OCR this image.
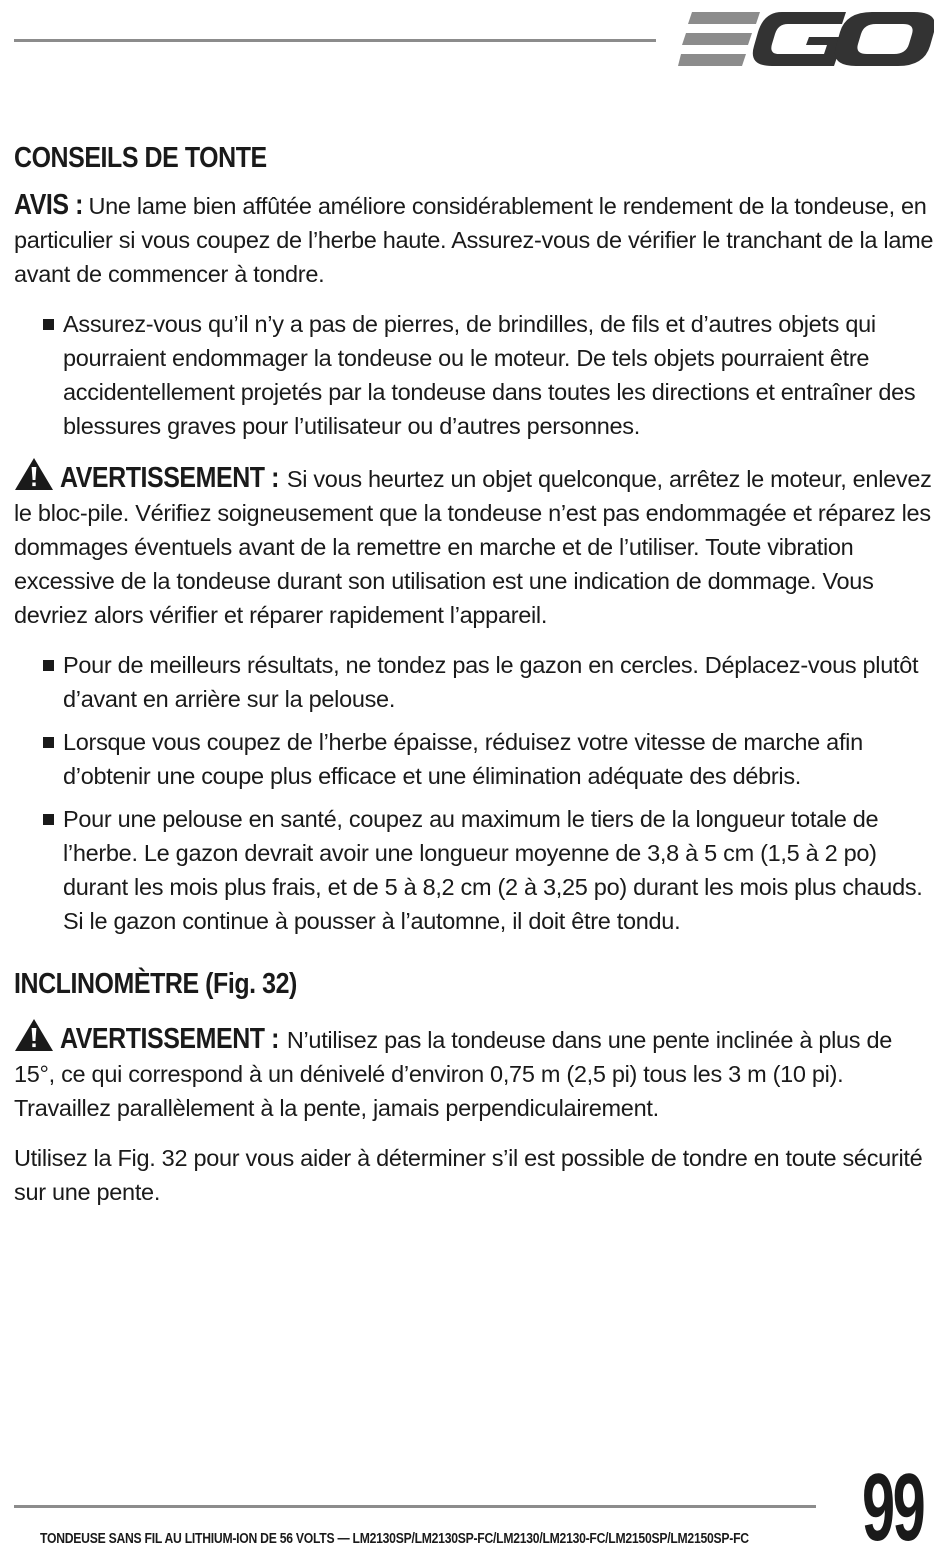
CONSEILS DE TONTE

AVIS : Une lame bien affûtée améliore considérablement le rendement de la tondeuse, en particulier si vous coupez de l’herbe haute. Assurez-vous de vérifier le tranchant de la lame avant de commencer à tondre.

Assurez-vous qu’il n’y a pas de pierres, de brindilles, de fils et d’autres objets qui pourraient endommager la tondeuse ou le moteur. De tels objets pourraient être accidentellement projetés par la tondeuse dans toutes les directions et entraîner des blessures graves pour l’utilisateur ou d’autres personnes.

AVERTISSEMENT : Si vous heurtez un objet quelconque, arrêtez le moteur, enlevez le bloc-pile. Vérifiez soigneusement que la tondeuse n’est pas endommagée et réparez les dommages éventuels avant de la remettre en marche et de l’utiliser. Toute vibration excessive de la tondeuse durant son utilisation est une indication de dommage. Vous devriez alors vérifier et réparer rapidement l’appareil.

Pour de meilleurs résultats, ne tondez pas le gazon en cercles. Déplacez-vous plutôt d’avant en arrière sur la pelouse.
Lorsque vous coupez de l’herbe épaisse, réduisez votre vitesse de marche afin d’obtenir une coupe plus efficace et une élimination adéquate des débris.
Pour une pelouse en santé, coupez au maximum le tiers de la longueur totale de l’herbe. Le gazon devrait avoir une longueur moyenne de 3,8 à 5 cm (1,5 à 2 po) durant les mois plus frais, et de 5 à 8,2 cm (2 à 3,25 po) durant les mois plus chauds. Si le gazon continue à pousser à l’automne, il doit être tondu.
INCLINOMÈTRE (Fig. 32)

AVERTISSEMENT : N’utilisez pas la tondeuse dans une pente inclinée à plus de 15°, ce qui correspond à un dénivelé d’environ 0,75 m (2,5 pi) tous les 3 m (10 pi). Travaillez parallèlement à la pente, jamais perpendiculairement.

Utilisez la Fig. 32 pour vous aider à déterminer s’il est possible de tondre en toute sécurité sur une pente.

TONDEUSE SANS FIL AU LITHIUM-ION DE 56 VOLTS — LM2130SP/LM2130SP-FC/LM2130/LM2130-FC/LM2150SP/LM2150SP-FC 99
